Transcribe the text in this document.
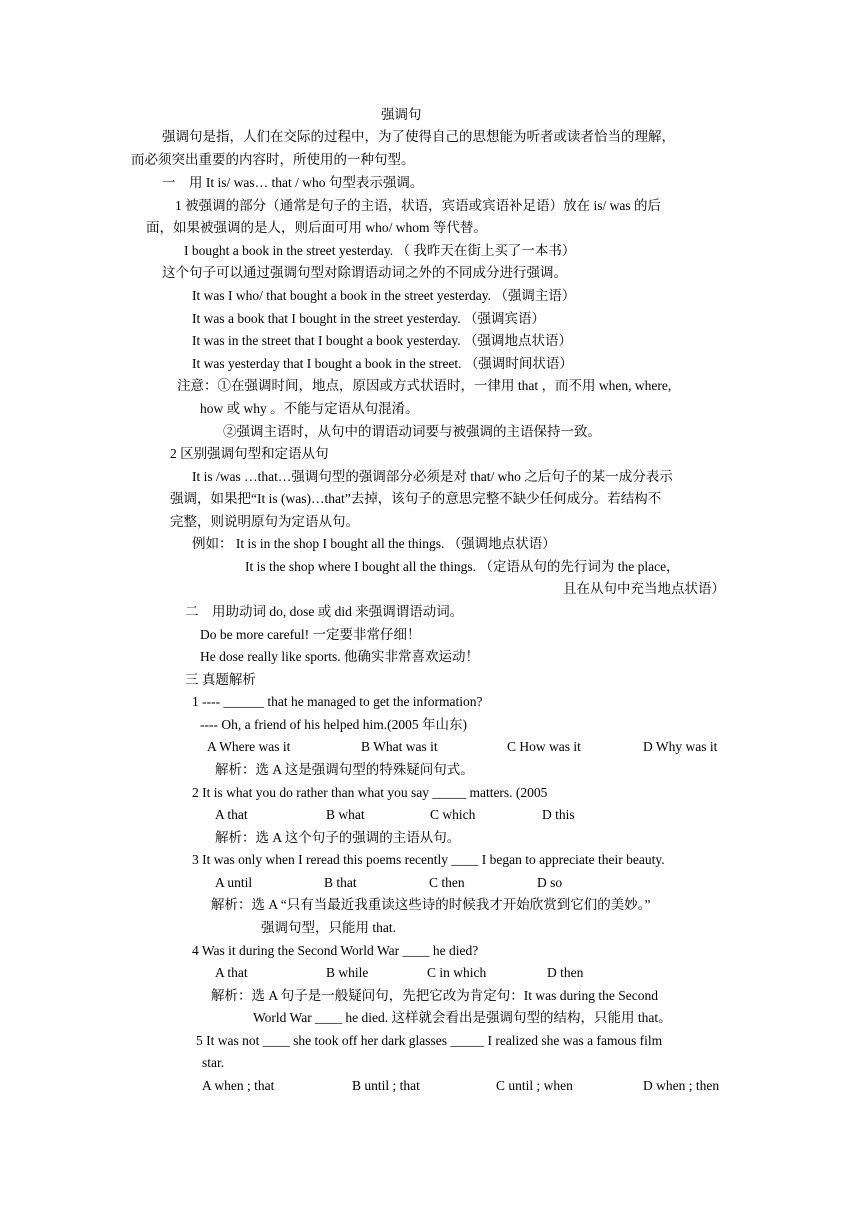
强调句
强调句是指，人们在交际的过程中，为了使得自己的思想能为听者或读者恰当的理解，
而必须突出重要的内容时，所使用的一种句型。
一　用 It is/ was… that / who 句型表示强调。
1 被强调的部分（通常是句子的主语，状语，宾语或宾语补足语）放在 is/ was 的后
面，如果被强调的是人，则后面可用 who/ whom 等代替。
I bought a book in the street yesterday. （ 我昨天在街上买了一本书）
这个句子可以通过强调句型对除谓语动词之外的不同成分进行强调。
It was I who/ that bought a book in the street yesterday. （强调主语）
It was a book that I bought in the street yesterday. （强调宾语）
It was in the street that I bought a book yesterday. （强调地点状语）
It was yesterday that I bought a book in the street. （强调时间状语）
注意：①在强调时间，地点，原因或方式状语时，一律用 that ，而不用 when, where,
how 或 why 。不能与定语从句混淆。
②强调主语时，从句中的谓语动词要与被强调的主语保持一致。
2 区别强调句型和定语从句
It is /was …that…强调句型的强调部分必须是对 that/ who 之后句子的某一成分表示
强调，如果把“It is (was)…that”去掉，该句子的意思完整不缺少任何成分。若结构不
完整，则说明原句为定语从句。
例如： It is in the shop I bought all the things. （强调地点状语）
It is the shop where I bought all the things. （定语从句的先行词为 the place，
且在从句中充当地点状语）
二　用助动词 do, dose 或 did 来强调谓语动词。
Do be more careful! 一定要非常仔细！
He dose really like sports. 他确实非常喜欢运动！
三 真题解析
1 ---- ______ that he managed to get the information?
---- Oh, a friend of his helped him.(2005 年山东)
A Where was it	B What was it	C How was it	D Why was it
解析：选 A 这是强调句型的特殊疑问句式。
2 It is what you do rather than what you say _____ matters. (2005
A that	B what	C which	D this
解析：选 A 这个句子的强调的主语从句。
3 It was only when I reread this poems recently ____ I began to appreciate their beauty.
A until	B that	C then	D so
解析：选 A “只有当最近我重读这些诗的时候我才开始欣赏到它们的美妙。”
强调句型，只能用 that.
4 Was it during the Second World War ____ he died?
A that	B while	C in which	D then
解析：选 A 句子是一般疑问句，先把它改为肯定句：It was during the Second
World War ____ he died. 这样就会看出是强调句型的结构，只能用 that。
5 It was not ____ she took off her dark glasses _____ I realized she was a famous film
star.
A when ; that	B until ; that	C until ; when	D when ; then
